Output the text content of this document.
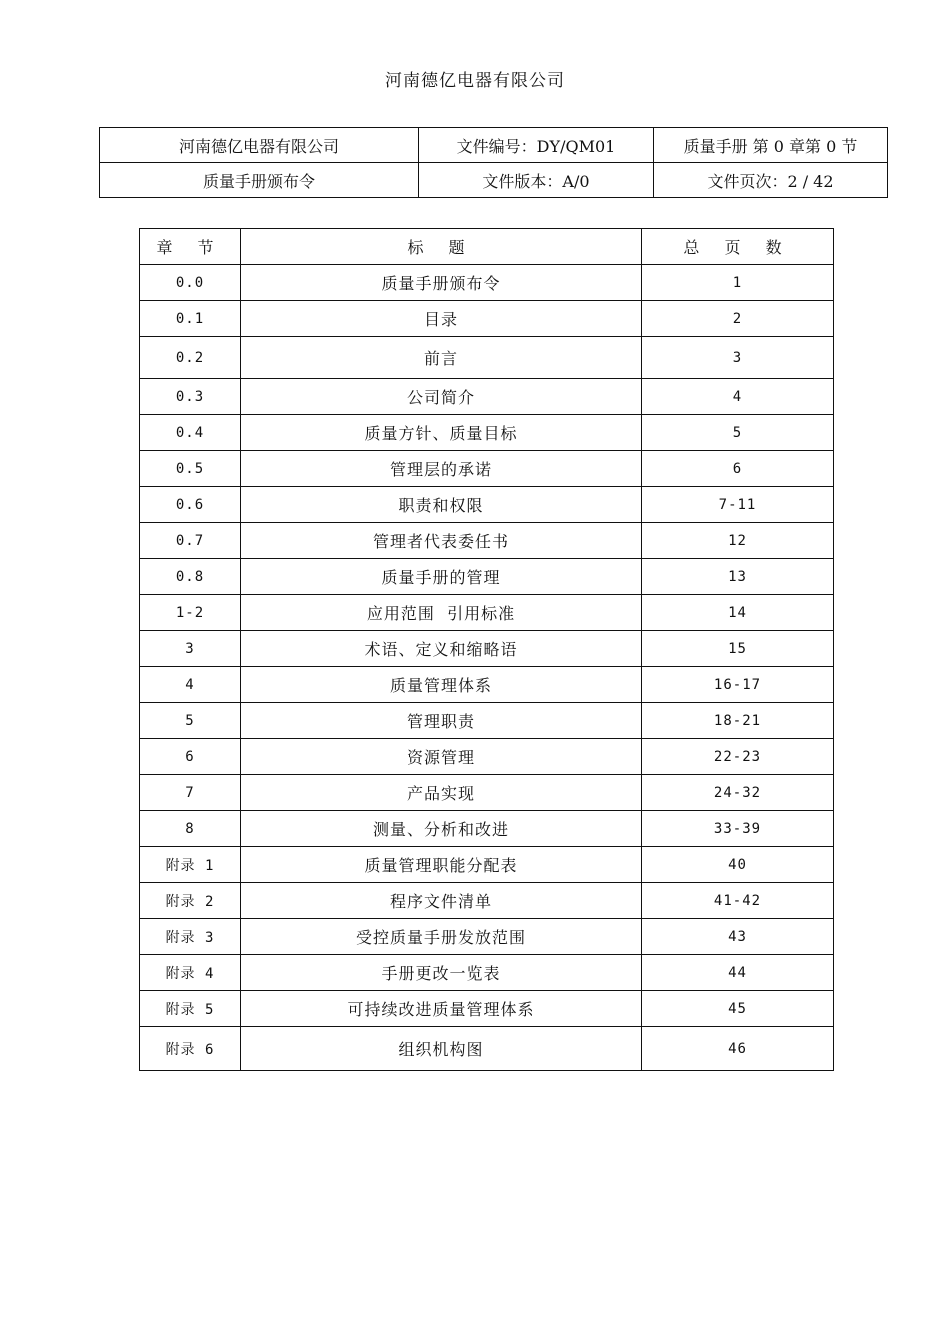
河南德亿电器有限公司
河南德亿电器有限公司	文件编号：DY/QM01	质量手册 第 0 章第 0 节
质量手册颁布令	文件版本：A/0	文件页次：2 / 42
章 节	标 题	总 页 数
0.0	质量手册颁布令	1
0.1	目录	2
0.2	前言	3
0.3	公司简介	4
0.4	质量方针、质量目标	5
0.5	管理层的承诺	6
0.6	职责和权限	7-11
0.7	管理者代表委任书	12
0.8	质量手册的管理	13
1-2	应用范围  引用标准	14
3	术语、定义和缩略语	15
4	质量管理体系	16-17
5	管理职责	18-21
6	资源管理	22-23
7	产品实现	24-32
8	测量、分析和改进	33-39
附录 1	质量管理职能分配表	40
附录 2	程序文件清单	41-42
附录 3	受控质量手册发放范围	43
附录 4	手册更改一览表	44
附录 5	可持续改进质量管理体系	45
附录 6	组织机构图	46
